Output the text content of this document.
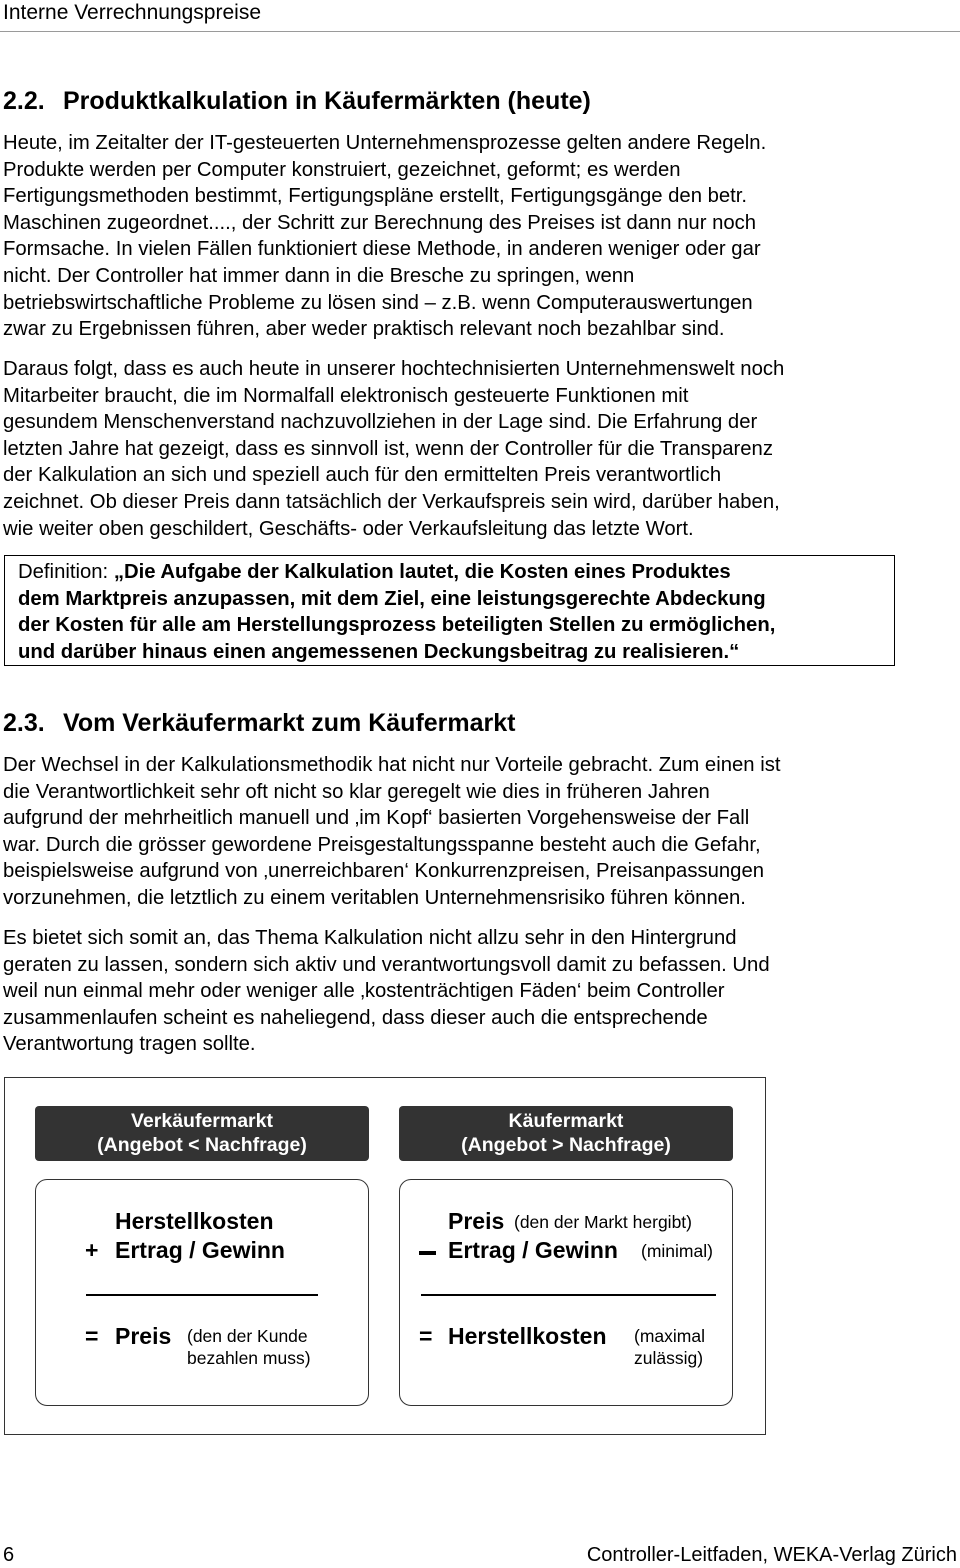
Interne Verrechnungspreise
2.2. Produktkalkulation in Käufermärkten (heute)
Heute, im Zeitalter der IT-gesteuerten Unternehmensprozesse gelten andere Regeln.
Produkte werden per Computer konstruiert, gezeichnet, geformt; es werden
Fertigungsmethoden bestimmt, Fertigungspläne erstellt, Fertigungsgänge den betr.
Maschinen zugeordnet...., der Schritt zur Berechnung des Preises ist dann nur noch
Formsache. In vielen Fällen funktioniert diese Methode, in anderen weniger oder gar
nicht. Der Controller hat immer dann in die Bresche zu springen, wenn
betriebswirtschaftliche Probleme zu lösen sind – z.B. wenn Computerauswertungen
zwar zu Ergebnissen führen, aber weder praktisch relevant noch bezahlbar sind.
Daraus folgt, dass es auch heute in unserer hochtechnisierten Unternehmenswelt noch
Mitarbeiter braucht, die im Normalfall elektronisch gesteuerte Funktionen mit
gesundem Menschenverstand nachzuvollziehen in der Lage sind. Die Erfahrung der
letzten Jahre hat gezeigt, dass es sinnvoll ist, wenn der Controller für die Transparenz
der Kalkulation an sich und speziell auch für den ermittelten Preis verantwortlich
zeichnet. Ob dieser Preis dann tatsächlich der Verkaufspreis sein wird, darüber haben,
wie weiter oben geschildert, Geschäfts- oder Verkaufsleitung das letzte Wort.
Definition: „Die Aufgabe der Kalkulation lautet, die Kosten eines Produktes
dem Marktpreis anzupassen, mit dem Ziel, eine leistungsgerechte Abdeckung
der Kosten für alle am Herstellungsprozess beteiligten Stellen zu ermöglichen,
und darüber hinaus einen angemessenen Deckungsbeitrag zu realisieren.“
2.3. Vom Verkäufermarkt zum Käufermarkt
Der Wechsel in der Kalkulationsmethodik hat nicht nur Vorteile gebracht. Zum einen ist
die Verantwortlichkeit sehr oft nicht so klar geregelt wie dies in früheren Jahren
aufgrund der mehrheitlich manuell und ‚im Kopf‘ basierten Vorgehensweise der Fall
war. Durch die grösser gewordene Preisgestaltungsspanne besteht auch die Gefahr,
beispielsweise aufgrund von ‚unerreichbaren‘ Konkurrenzpreisen, Preisanpassungen
vorzunehmen, die letztlich zu einem veritablen Unternehmensrisiko führen können.
Es bietet sich somit an, das Thema Kalkulation nicht allzu sehr in den Hintergrund
geraten zu lassen, sondern sich aktiv und verantwortungsvoll damit zu befassen. Und
weil nun einmal mehr oder weniger alle ‚kostenträchtigen Fäden‘ beim Controller
zusammenlaufen scheint es naheliegend, dass dieser auch die entsprechende
Verantwortung tragen sollte.
Verkäufermarkt
(Angebot < Nachfrage)
Herstellkosten
+ Ertrag / Gewinn
= Preis (den der Kunde
bezahlen muss)
Käufermarkt
(Angebot > Nachfrage)
Preis (den der Markt hergibt)
Ertrag / Gewinn (minimal)
= Herstellkosten (maximal
zulässig)
6	Controller-Leitfaden, WEKA-Verlag Zürich
